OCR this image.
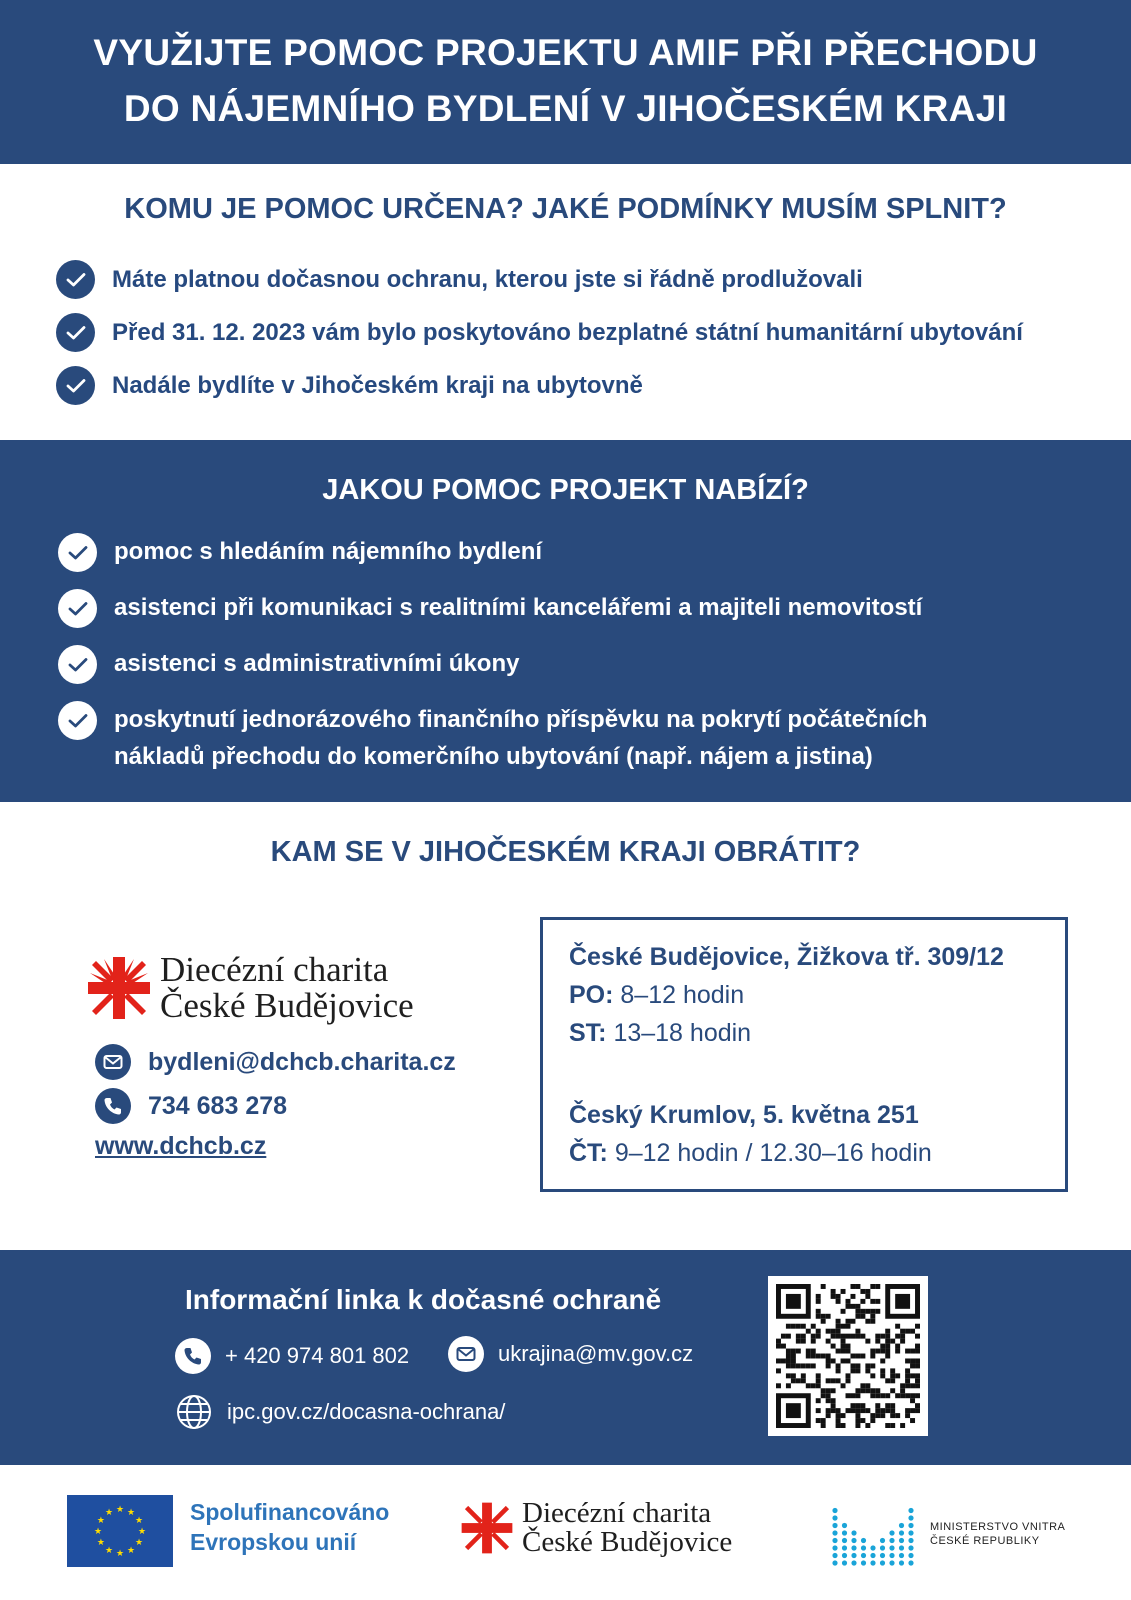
VYUŽIJTE POMOC PROJEKTU AMIF PŘI PŘECHODU
DO NÁJEMNÍHO BYDLENÍ V JIHOČESKÉM KRAJI
KOMU JE POMOC URČENA? JAKÉ PODMÍNKY MUSÍM SPLNIT?
Máte platnou dočasnou ochranu, kterou jste si řádně prodlužovali
Před 31. 12. 2023 vám bylo poskytováno bezplatné státní humanitární ubytování
Nadále bydlíte v Jihočeském kraji na ubytovně
JAKOU POMOC PROJEKT NABÍZÍ?
pomoc s hledáním nájemního bydlení
asistenci při komunikaci s realitními kancelářemi a majiteli nemovitostí
asistenci s administrativními úkony
poskytnutí jednorázového finančního příspěvku na pokrytí počátečních nákladů přechodu do komerčního ubytování (např. nájem a jistina)
KAM SE V JIHOČESKÉM KRAJI OBRÁTIT?
Diecézní charita
České Budějovice
bydleni@dchcb.charita.cz
734 683 278
www.dchcb.cz
České Budějovice, Žižkova tř. 309/12
PO: 8–12 hodin
ST: 13–18 hodin
Český Krumlov, 5. května 251
ČT: 9–12 hodin / 12.30–16 hodin
Informační linka k dočasné ochraně
+ 420 974 801 802	ukrajina@mv.gov.cz
ipc.gov.cz/docasna-ochrana/
★
★
★
★
★
★
★
★
★ ★ ★
★ Spolufinancováno
Evropskou unií
Diecézní charita
České Budějovice	MINISTERSTVO VNITRA
ČESKÉ REPUBLIKY
